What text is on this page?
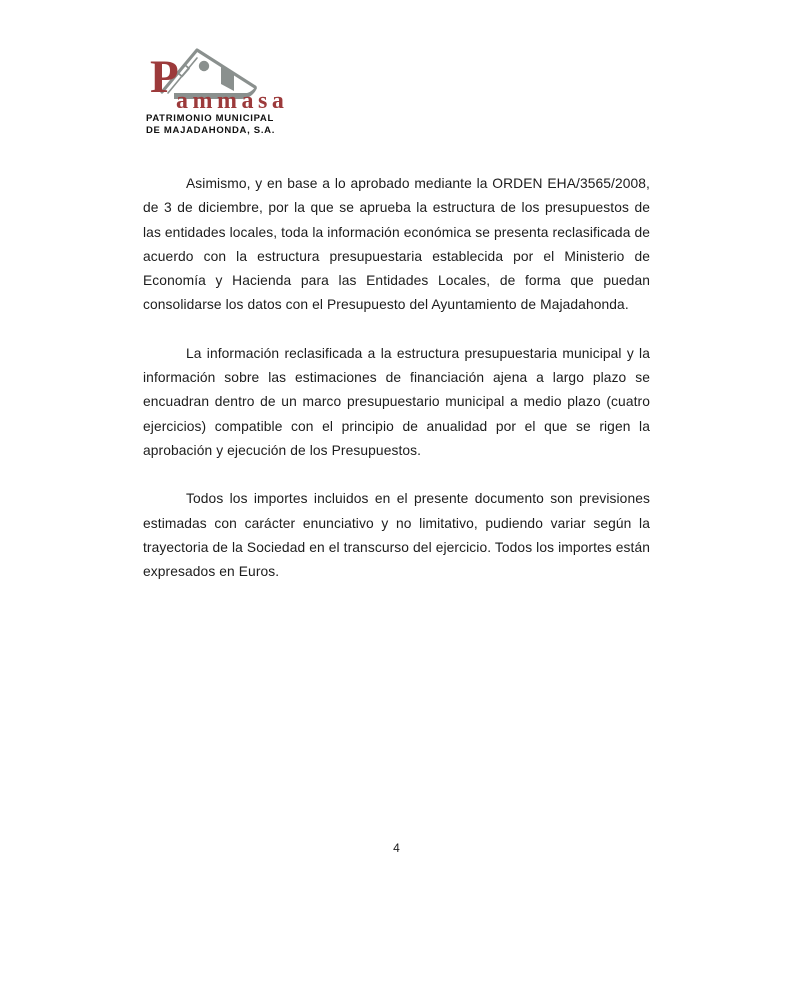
P
ammasa
PATRIMONIO MUNICIPAL
DE MAJADAHONDA, S.A.

Asimismo, y en base a lo aprobado mediante la ORDEN EHA/3565/2008, de 3 de diciembre, por la que se aprueba la estructura de los presupuestos de las entidades locales, toda la información económica se presenta reclasificada de acuerdo con la estructura presupuestaria establecida por el Ministerio de Economía y Hacienda para las Entidades Locales, de forma que puedan consolidarse los datos con el Presupuesto del Ayuntamiento de Majadahonda.

La información reclasificada a la estructura presupuestaria municipal y la información sobre las estimaciones de financiación ajena a largo plazo se encuadran dentro de un marco presupuestario municipal a medio plazo (cuatro ejercicios) compatible con el principio de anualidad por el que se rigen la aprobación y ejecución de los Presupuestos.

Todos los importes incluidos en el presente documento son previsiones estimadas con carácter enunciativo y no limitativo, pudiendo variar según la trayectoria de la Sociedad en el transcurso del ejercicio. Todos los importes están expresados en Euros.

4
